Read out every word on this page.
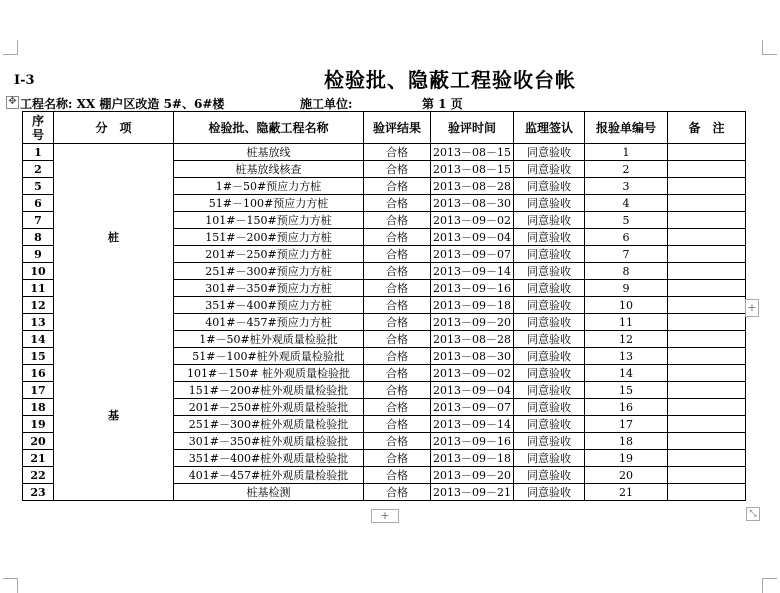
I-3	检验批、隐蔽工程验收台帐
✥ 工程名称: XX 棚户区改造 5#、6#楼	施工单位:	第 1 页
序号	分　项	检验批、隐蔽工程名称	验评结果	验评时间	监理签认	报验单编号	备　注
1	桩	桩基放线	合格	2013－08－15	同意验收	1	
2		桩基放线核查	合格	2013－08－15	同意验收	2	
5		1#－50#预应力方桩	合格	2013－08－28	同意验收	3	
6		51#－100#预应力方桩	合格	2013－08－30	同意验收	4	
7		101#－150#预应力方桩	合格	2013－09－02	同意验收	5	
8		151#－200#预应力方桩	合格	2013－09－04	同意验收	6	
9		201#－250#预应力方桩	合格	2013－09－07	同意验收	7	
10		251#－300#预应力方桩	合格	2013－09－14	同意验收	8	
11		301#－350#预应力方桩	合格	2013－09－16	同意验收	9	
12		351#－400#预应力方桩	合格	2013－09－18	同意验收	10	
13		401#－457#预应力方桩	合格	2013－09－20	同意验收	11	
14	基	1#－50#桩外观质量检验批	合格	2013－08－28	同意验收	12	
15		51#－100#桩外观质量检验批	合格	2013－08－30	同意验收	13	
16		101#－150# 桩外观质量检验批	合格	2013－09－02	同意验收	14	
17		151#－200#桩外观质量检验批	合格	2013－09－04	同意验收	15	
18		201#－250#桩外观质量检验批	合格	2013－09－07	同意验收	16	
19		251#－300#桩外观质量检验批	合格	2013－09－14	同意验收	17	
20		301#－350#桩外观质量检验批	合格	2013－09－16	同意验收	18	
21		351#－400#桩外观质量检验批	合格	2013－09－18	同意验收	19	
22		401#－457#桩外观质量检验批	合格	2013－09－20	同意验收	20	
23		桩基检测	合格	2013－09－21	同意验收	21	
+
+
⤡
